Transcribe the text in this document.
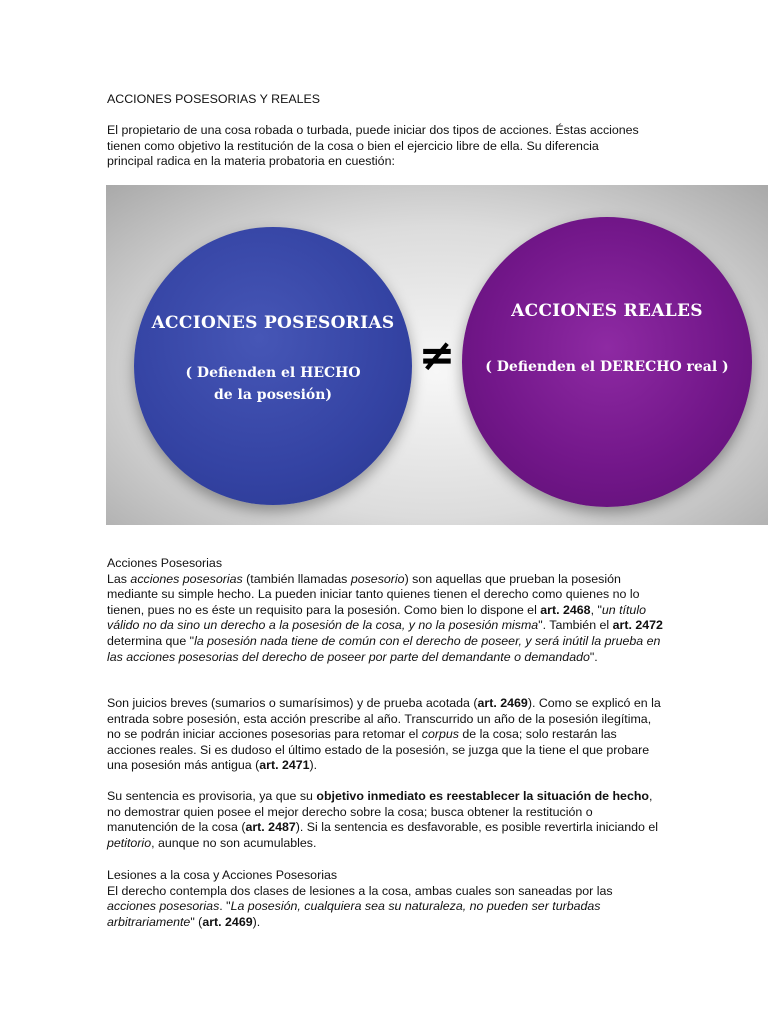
ACCIONES POSESORIAS Y REALES

El propietario de una cosa robada o turbada, puede iniciar dos tipos de acciones. Éstas acciones tienen como objetivo la restitución de la cosa o bien el ejercicio libre de ella. Su diferencia principal radica en la materia probatoria en cuestión:

Acciones Posesorias

Las acciones posesorias (también llamadas posesorio) son aquellas que prueban la posesión mediante su simple hecho. La pueden iniciar tanto quienes tienen el derecho como quienes no lo tienen, pues no es éste un requisito para la posesión. Como bien lo dispone el art. 2468, "un título válido no da sino un derecho a la posesión de la cosa, y no la posesión misma". También el art. 2472 determina que "la posesión nada tiene de común con el derecho de poseer, y será inútil la prueba en las acciones posesorias del derecho de poseer por parte del demandante o demandado".

Son juicios breves (sumarios o sumarísimos) y de prueba acotada (art. 2469). Como se explicó en la entrada sobre posesión, esta acción prescribe al año. Transcurrido un año de la posesión ilegítima, no se podrán iniciar acciones posesorias para retomar el corpus de la cosa; solo restarán las acciones reales. Si es dudoso el último estado de la posesión, se juzga que la tiene el que probare una posesión más antigua (art. 2471).

Su sentencia es provisoria, ya que su objetivo inmediato es reestablecer la situación de hecho, no demostrar quien posee el mejor derecho sobre la cosa; busca obtener la restitución o manutención de la cosa (art. 2487). Si la sentencia es desfavorable, es posible revertirla iniciando el petitorio, aunque no son acumulables.

Lesiones a la cosa y Acciones Posesorias

El derecho contempla dos clases de lesiones a la cosa, ambas cuales son saneadas por las acciones posesorias. "La posesión, cualquiera sea su naturaleza, no pueden ser turbadas arbitrariamente" (art. 2469).

ACCIONES POSESORIAS
( Defienden el HECHO
de la posesión)
≠
ACCIONES REALES
( Defienden el DERECHO real )
